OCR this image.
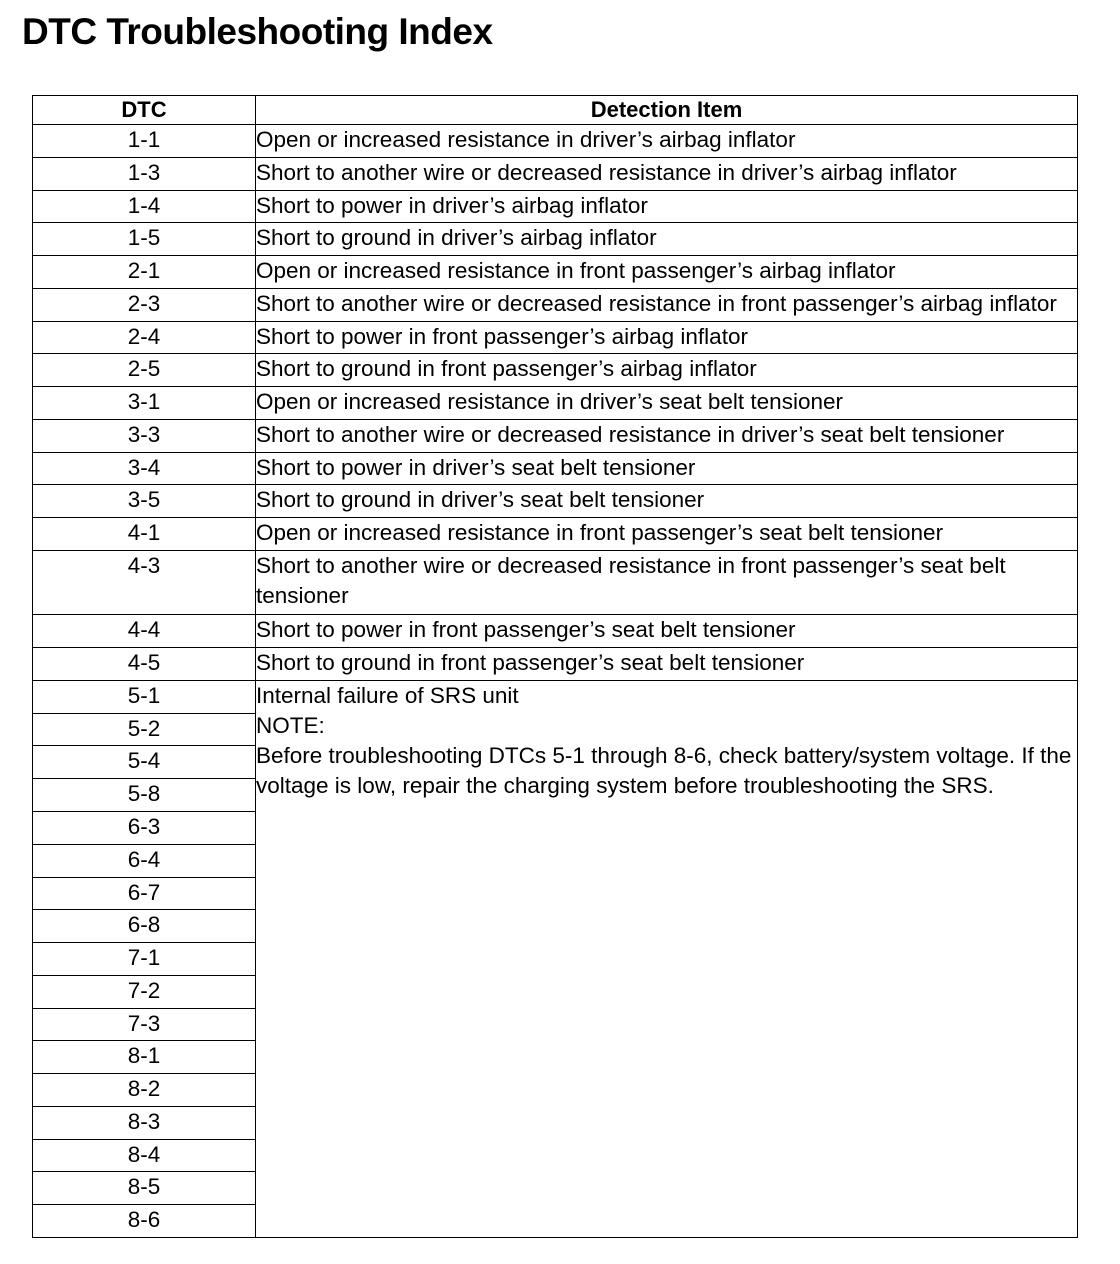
DTC Troubleshooting Index
DTC	Detection Item
1-1	Open or increased resistance in driver’s airbag inflator
1-3	Short to another wire or decreased resistance in driver’s airbag inflator
1-4	Short to power in driver’s airbag inflator
1-5	Short to ground in driver’s airbag inflator
2-1	Open or increased resistance in front passenger’s airbag inflator
2-3	Short to another wire or decreased resistance in front passenger’s airbag inflator
2-4	Short to power in front passenger’s airbag inflator
2-5	Short to ground in front passenger’s airbag inflator
3-1	Open or increased resistance in driver’s seat belt tensioner
3-3	Short to another wire or decreased resistance in driver’s seat belt tensioner
3-4	Short to power in driver’s seat belt tensioner
3-5	Short to ground in driver’s seat belt tensioner
4-1	Open or increased resistance in front passenger’s seat belt tensioner
4-3	Short to another wire or decreased resistance in front passenger’s seat belt tensioner
4-4	Short to power in front passenger’s seat belt tensioner
4-5	Short to ground in front passenger’s seat belt tensioner
5-1	Internal failure of SRS unit
NOTE:
Before troubleshooting DTCs 5-1 through 8-6, check battery/system voltage. If the voltage is low, repair the charging system before troubleshooting the SRS.

5-2	
5-4	
5-8	
6-3	
6-4	
6-7	
6-8	
7-1	
7-2	
7-3	
8-1	
8-2	
8-3	
8-4	
8-5	
8-6	
